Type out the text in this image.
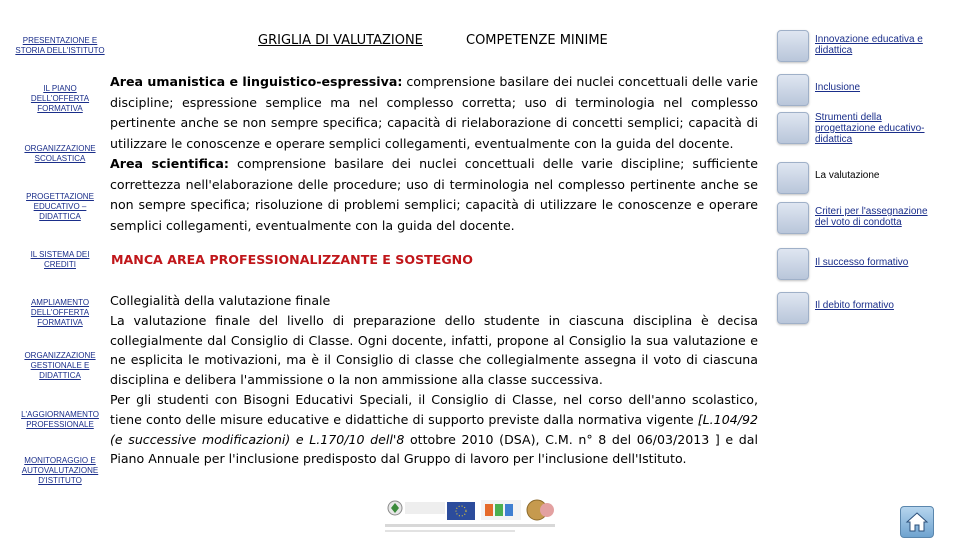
PRESENTAZIONE E STORIA DELL'ISTITUTO
IL PIANO DELL'OFFERTA FORMATIVA
ORGANIZZAZIONE SCOLASTICA
PROGETTAZIONE EDUCATIVO – DIDATTICA
IL SISTEMA DEI CREDITI
AMPLIAMENTO DELL'OFFERTA FORMATIVA
ORGANIZZAZIONE GESTIONALE E DIDATTICA
L'AGGIORNAMENTO PROFESSIONALE
MONITORAGGIO E AUTOVALUTAZIONE D'ISTITUTO
GRIGLIA DI VALUTAZIONE	COMPETENZE MINIME
Area umanistica e linguistico-espressiva: comprensione basilare dei nuclei concettuali delle varie discipline; espressione semplice ma nel complesso corretta; uso di terminologia nel complesso pertinente anche se non sempre specifica; capacità di rielaborazione di concetti semplici; capacità di utilizzare le conoscenze e operare semplici collegamenti, eventualmente con la guida del docente.
Area scientifica: comprensione basilare dei nuclei concettuali delle varie discipline; sufficiente correttezza nell'elaborazione delle procedure; uso di terminologia nel complesso pertinente anche se non sempre specifica; risoluzione di problemi semplici; capacità di utilizzare le conoscenze e operare semplici collegamenti, eventualmente con la guida del docente.
MANCA AREA PROFESSIONALIZZANTE E SOSTEGNO
Collegialità della valutazione finale
La valutazione finale del livello di preparazione dello studente in ciascuna disciplina è decisa collegialmente dal Consiglio di Classe. Ogni docente, infatti, propone al Consiglio la sua valutazione e ne esplicita le motivazioni, ma è il Consiglio di classe che collegialmente assegna il voto di ciascuna disciplina e delibera l'ammissione o la non ammissione alla classe successiva.
Per gli studenti con Bisogni Educativi Speciali, il Consiglio di Classe, nel corso dell'anno scolastico, tiene conto delle misure educative e didattiche di supporto previste dalla normativa vigente [L.104/92 (e successive modificazioni) e L.170/10 dell'8 ottobre 2010 (DSA), C.M. n° 8 del 06/03/2013 ] e dal Piano Annuale per l'inclusione predisposto dal Gruppo di lavoro per l'inclusione dell'Istituto.
Innovazione educativa e didattica
Inclusione
Strumenti della progettazione educativo-didattica
La valutazione
Criteri per l'assegnazione del voto di condotta
Il successo formativo
Il debito formativo
